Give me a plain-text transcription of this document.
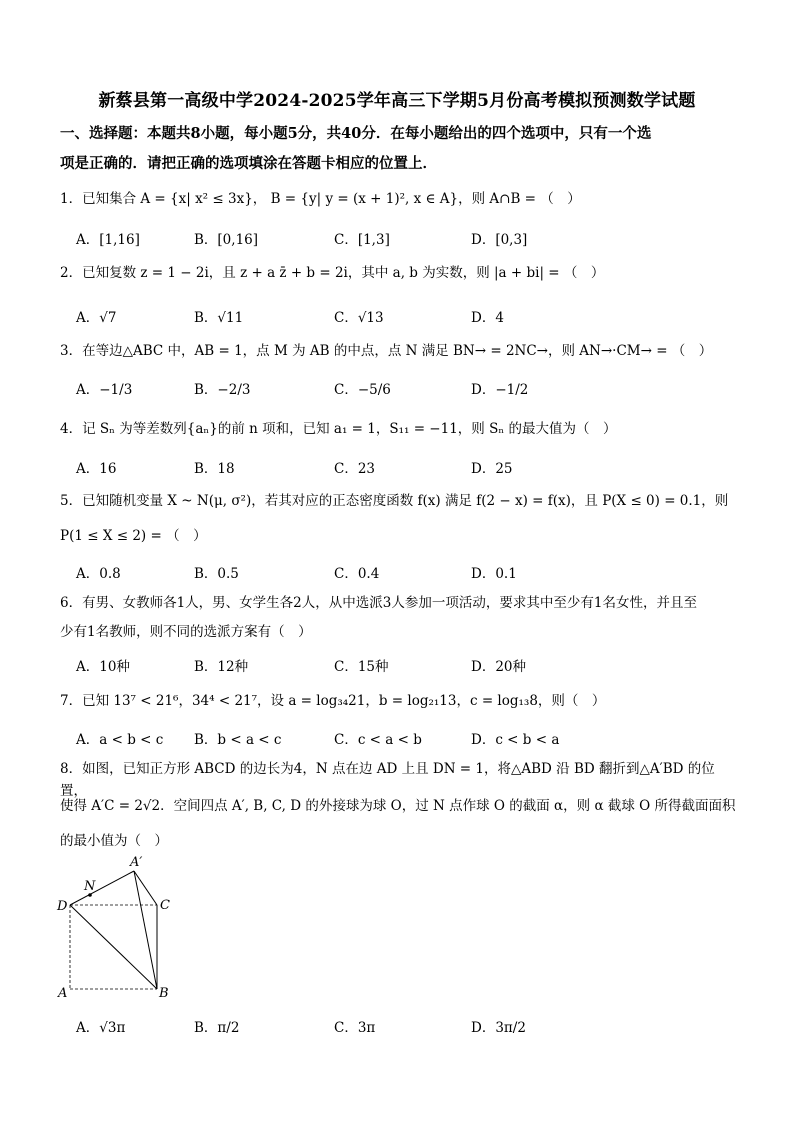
新蔡县第一高级中学2024-2025学年高三下学期5月份高考模拟预测数学试题
一、选择题：本题共8小题，每小题5分，共40分．在每小题给出的四个选项中，只有一个选
项是正确的．请把正确的选项填涂在答题卡相应的位置上．
1．已知集合 A = {x| x² ≤ 3x}， B = {y| y = (x + 1)², x ∈ A}，则 A∩B = （　）
A．[1,16]	B．[0,16]	C．[1,3]	D．[0,3]
2．已知复数 z = 1 − 2i，且 z + a z̄ + b = 2i，其中 a, b 为实数，则 |a + bi| = （　）
A．√7	B．√11	C．√13	D．4
3．在等边△ABC 中，AB = 1，点 M 为 AB 的中点，点 N 满足 BN→ = 2NC→，则 AN→·CM→ = （　）
A．−1/3	B．−2/3	C．−5/6	D．−1/2
4．记 Sₙ 为等差数列{aₙ}的前 n 项和，已知 a₁ = 1，S₁₁ = −11，则 Sₙ 的最大值为（　）
A．16	B．18	C．23	D．25
5．已知随机变量 X ~ N(μ, σ²)，若其对应的正态密度函数 f(x) 满足 f(2 − x) = f(x)，且 P(X ≤ 0) = 0.1，则
P(1 ≤ X ≤ 2) = （　）
A．0.8	B．0.5	C．0.4	D．0.1
6．有男、女教师各1人，男、女学生各2人，从中选派3人参加一项活动，要求其中至少有1名女性，并且至
少有1名教师，则不同的选派方案有（　）
A．10种	B．12种	C．15种	D．20种
7．已知 13⁷ < 21⁶，34⁴ < 21⁷，设 a = log₃₄21，b = log₂₁13，c = log₁₃8，则（　）
A．a < b < c B．b < a < c	C．c < a < b	D．c < b < a
8．如图，已知正方形 ABCD 的边长为4，N 点在边 AD 上且 DN = 1，将△ABD 沿 BD 翻折到△A′BD 的位置，
使得 A′C = 2√2．空间四点 A′, B, C, D 的外接球为球 O，过 N 点作球 O 的截面 α，则 α 截球 O 所得截面面积
的最小值为（　）
A′
N
D	C
A	B
A．√3π	B．π/2	C．3π	D．3π/2
